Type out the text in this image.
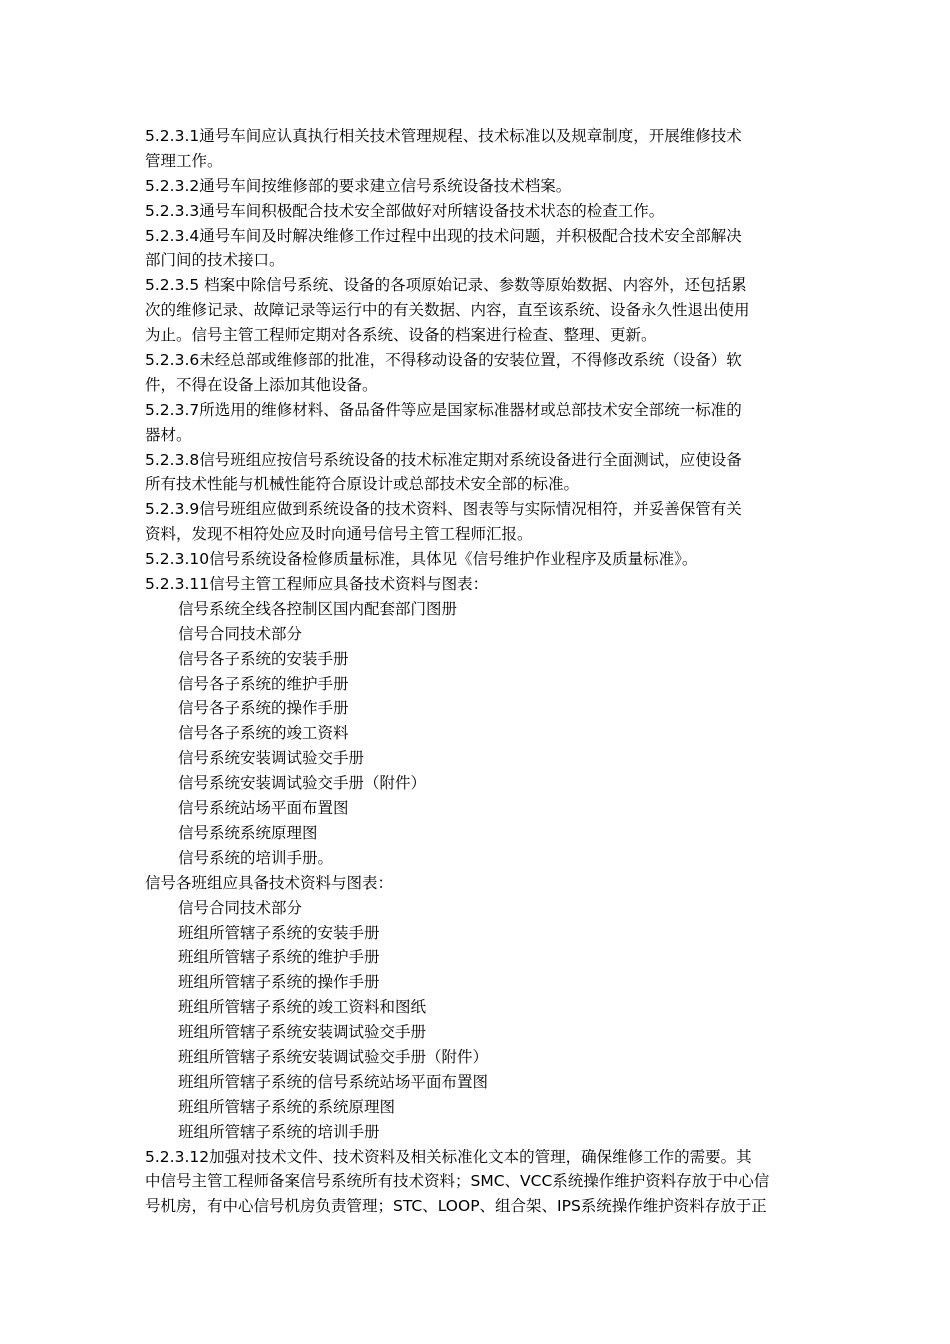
5.2.3.1通号车间应认真执行相关技术管理规程、技术标准以及规章制度，开展维修技术
管理工作。
5.2.3.2通号车间按维修部的要求建立信号系统设备技术档案。
5.2.3.3通号车间积极配合技术安全部做好对所辖设备技术状态的检查工作。
5.2.3.4通号车间及时解决维修工作过程中出现的技术问题，并积极配合技术安全部解决
部门间的技术接口。
5.2.3.5 档案中除信号系统、设备的各项原始记录、参数等原始数据、内容外，还包括累
次的维修记录、故障记录等运行中的有关数据、内容，直至该系统、设备永久性退出使用
为止。信号主管工程师定期对各系统、设备的档案进行检查、整理、更新。
5.2.3.6未经总部或维修部的批准，不得移动设备的安装位置，不得修改系统（设备）软
件，不得在设备上添加其他设备。
5.2.3.7所选用的维修材料、备品备件等应是国家标准器材或总部技术安全部统一标准的
器材。
5.2.3.8信号班组应按信号系统设备的技术标准定期对系统设备进行全面测试，应使设备
所有技术性能与机械性能符合原设计或总部技术安全部的标准。
5.2.3.9信号班组应做到系统设备的技术资料、图表等与实际情况相符，并妥善保管有关
资料，发现不相符处应及时向通号信号主管工程师汇报。
5.2.3.10信号系统设备检修质量标准，具体见《信号维护作业程序及质量标准》。
5.2.3.11信号主管工程师应具备技术资料与图表：
信号系统全线各控制区国内配套部门图册
信号合同技术部分
信号各子系统的安装手册
信号各子系统的维护手册
信号各子系统的操作手册
信号各子系统的竣工资料
信号系统安装调试验交手册
信号系统安装调试验交手册（附件）
信号系统站场平面布置图
信号系统系统原理图
信号系统的培训手册。
信号各班组应具备技术资料与图表：
信号合同技术部分
班组所管辖子系统的安装手册
班组所管辖子系统的维护手册
班组所管辖子系统的操作手册
班组所管辖子系统的竣工资料和图纸
班组所管辖子系统安装调试验交手册
班组所管辖子系统安装调试验交手册（附件）
班组所管辖子系统的信号系统站场平面布置图
班组所管辖子系统的系统原理图
班组所管辖子系统的培训手册
5.2.3.12加强对技术文件、技术资料及相关标准化文本的管理，确保维修工作的需要。其
中信号主管工程师备案信号系统所有技术资料；SMC、VCC系统操作维护资料存放于中心信
号机房，有中心信号机房负责管理；STC、LOOP、组合架、IPS系统操作维护资料存放于正
